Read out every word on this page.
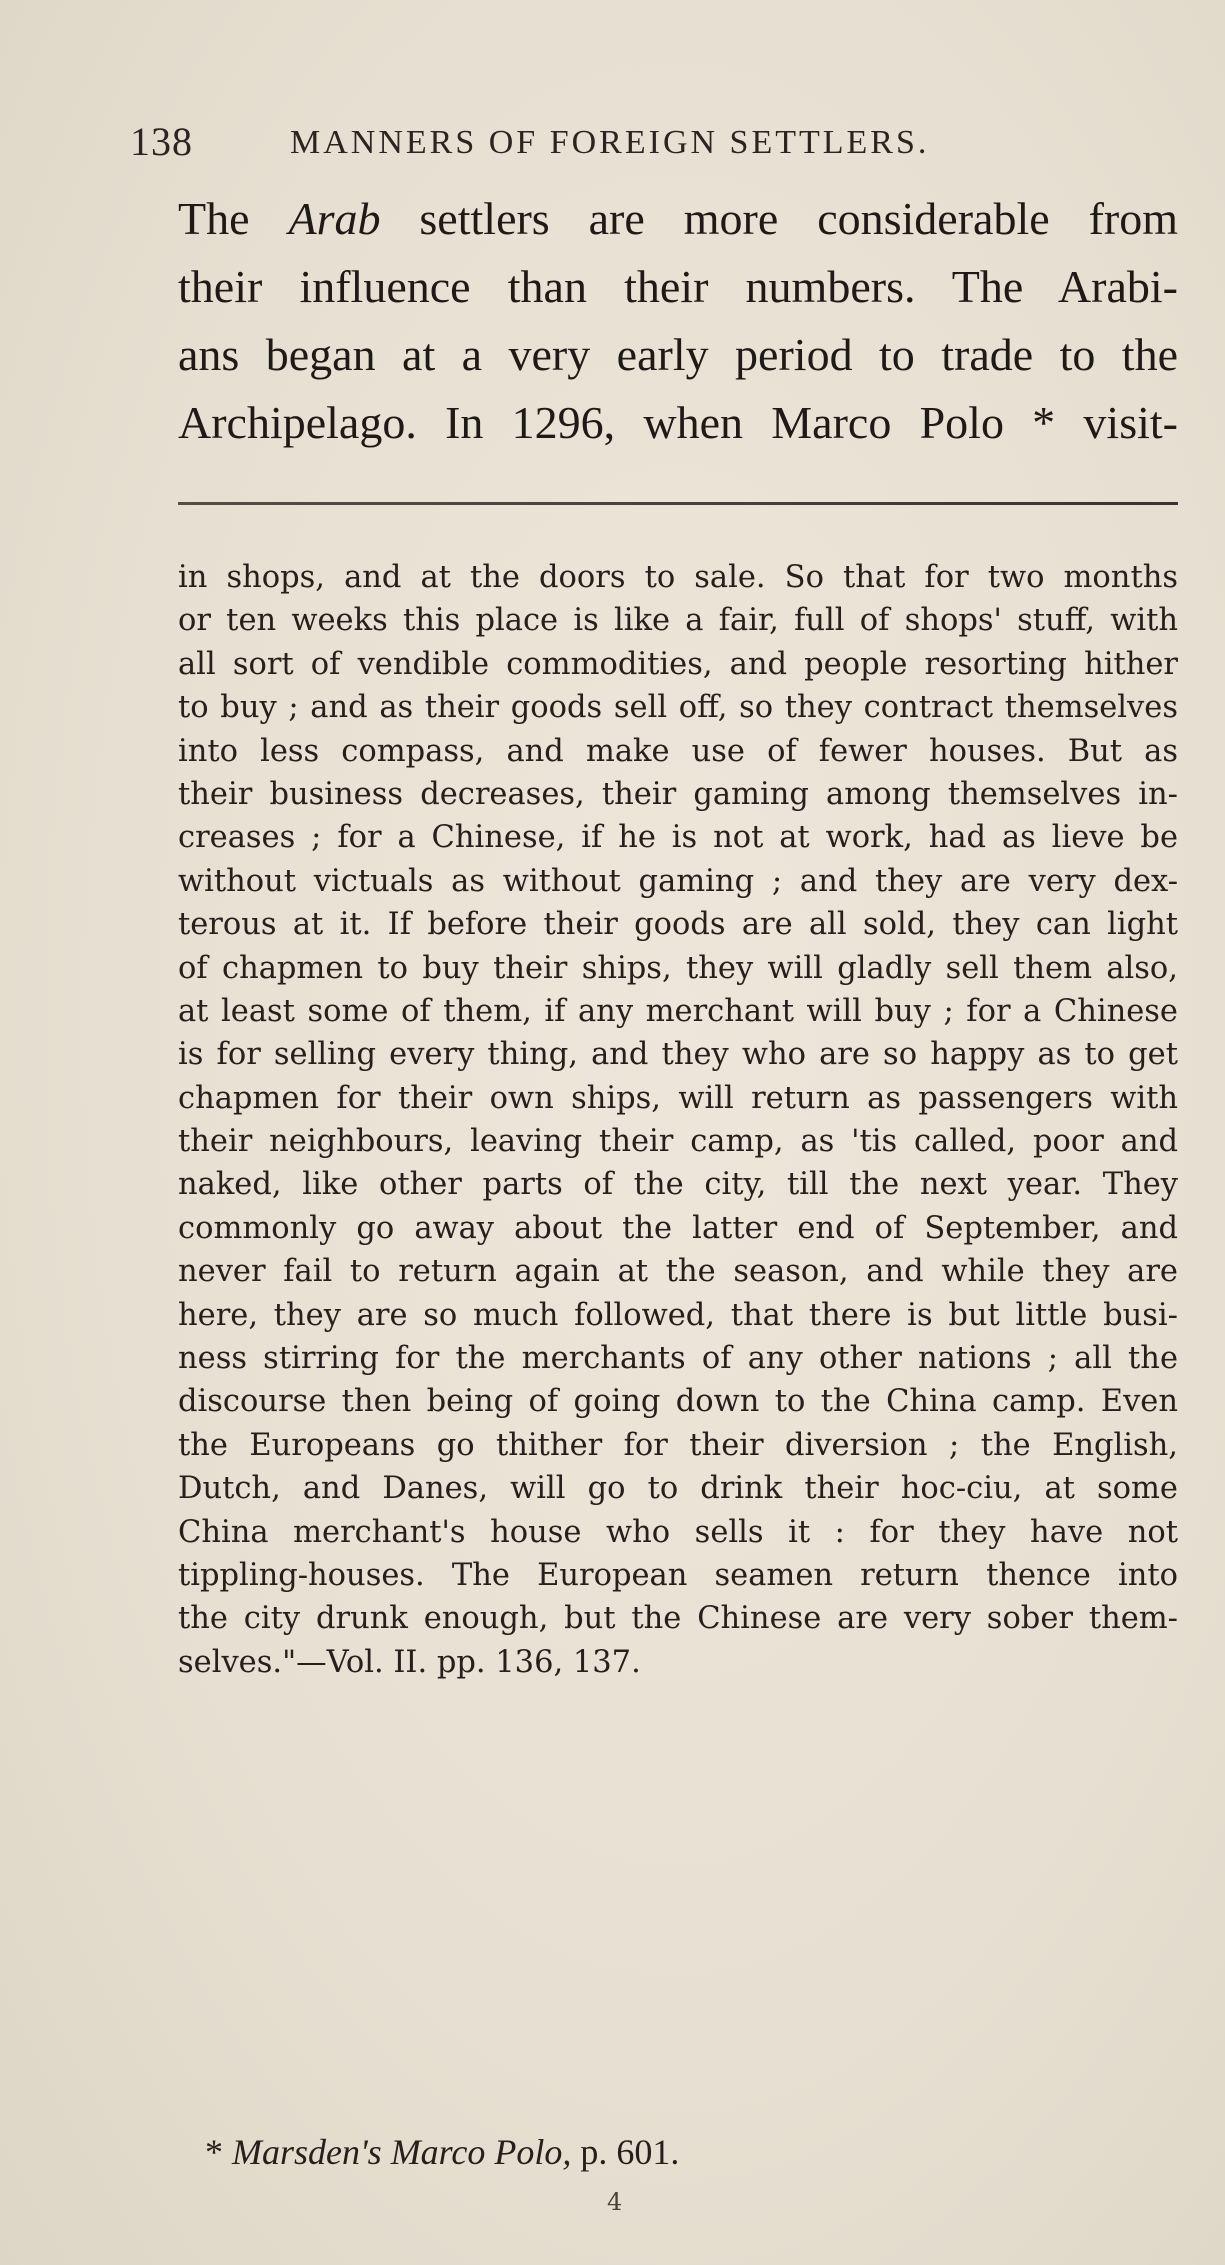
138	MANNERS OF FOREIGN SETTLERS.
The Arab settlers are more considerable from
their influence than their numbers. The Arabi-
ans began at a very early period to trade to the
Archipelago. In 1296, when Marco Polo * visit-
in shops, and at the doors to sale. So that for two months
or ten weeks this place is like a fair, full of shops' stuff, with
all sort of vendible commodities, and people resorting hither
to buy ; and as their goods sell off, so they contract themselves
into less compass, and make use of fewer houses. But as
their business decreases, their gaming among themselves in-
creases ; for a Chinese, if he is not at work, had as lieve be
without victuals as without gaming ; and they are very dex-
terous at it. If before their goods are all sold, they can light
of chapmen to buy their ships, they will gladly sell them also,
at least some of them, if any merchant will buy ; for a Chinese
is for selling every thing, and they who are so happy as to get
chapmen for their own ships, will return as passengers with
their neighbours, leaving their camp, as 'tis called, poor and
naked, like other parts of the city, till the next year. They
commonly go away about the latter end of September, and
never fail to return again at the season, and while they are
here, they are so much followed, that there is but little busi-
ness stirring for the merchants of any other nations ; all the
discourse then being of going down to the China camp. Even
the Europeans go thither for their diversion ; the English,
Dutch, and Danes, will go to drink their hoc-ciu, at some
China merchant's house who sells it : for they have not
tippling-houses. The European seamen return thence into
the city drunk enough, but the Chinese are very sober them-
selves."—Vol. II. pp. 136, 137.
* Marsden's Marco Polo, p. 601.
4
